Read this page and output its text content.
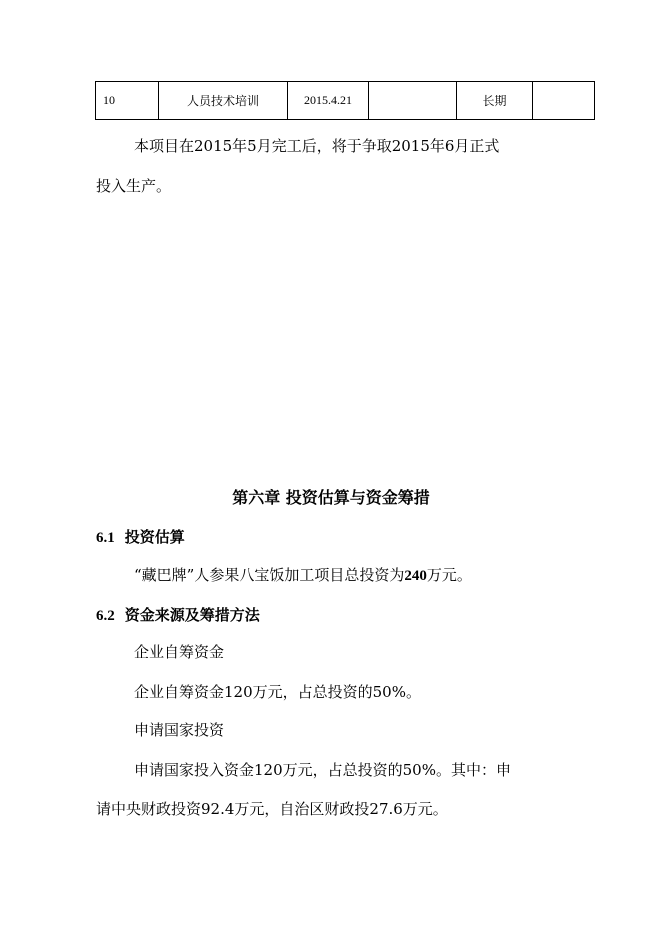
10	人员技术培训	2015.4.21		长期	
本项目在2015年5月完工后，将于争取2015年6月正式
投入生产。
第六章 投资估算与资金筹措
6.1 投资估算
“藏巴牌”人参果八宝饭加工项目总投资为240万元。
6.2 资金来源及筹措方法
企业自筹资金
企业自筹资金120万元，占总投资的50%。
申请国家投资
申请国家投入资金120万元，占总投资的50%。其中：申
请中央财政投资92.4万元，自治区财政投27.6万元。
